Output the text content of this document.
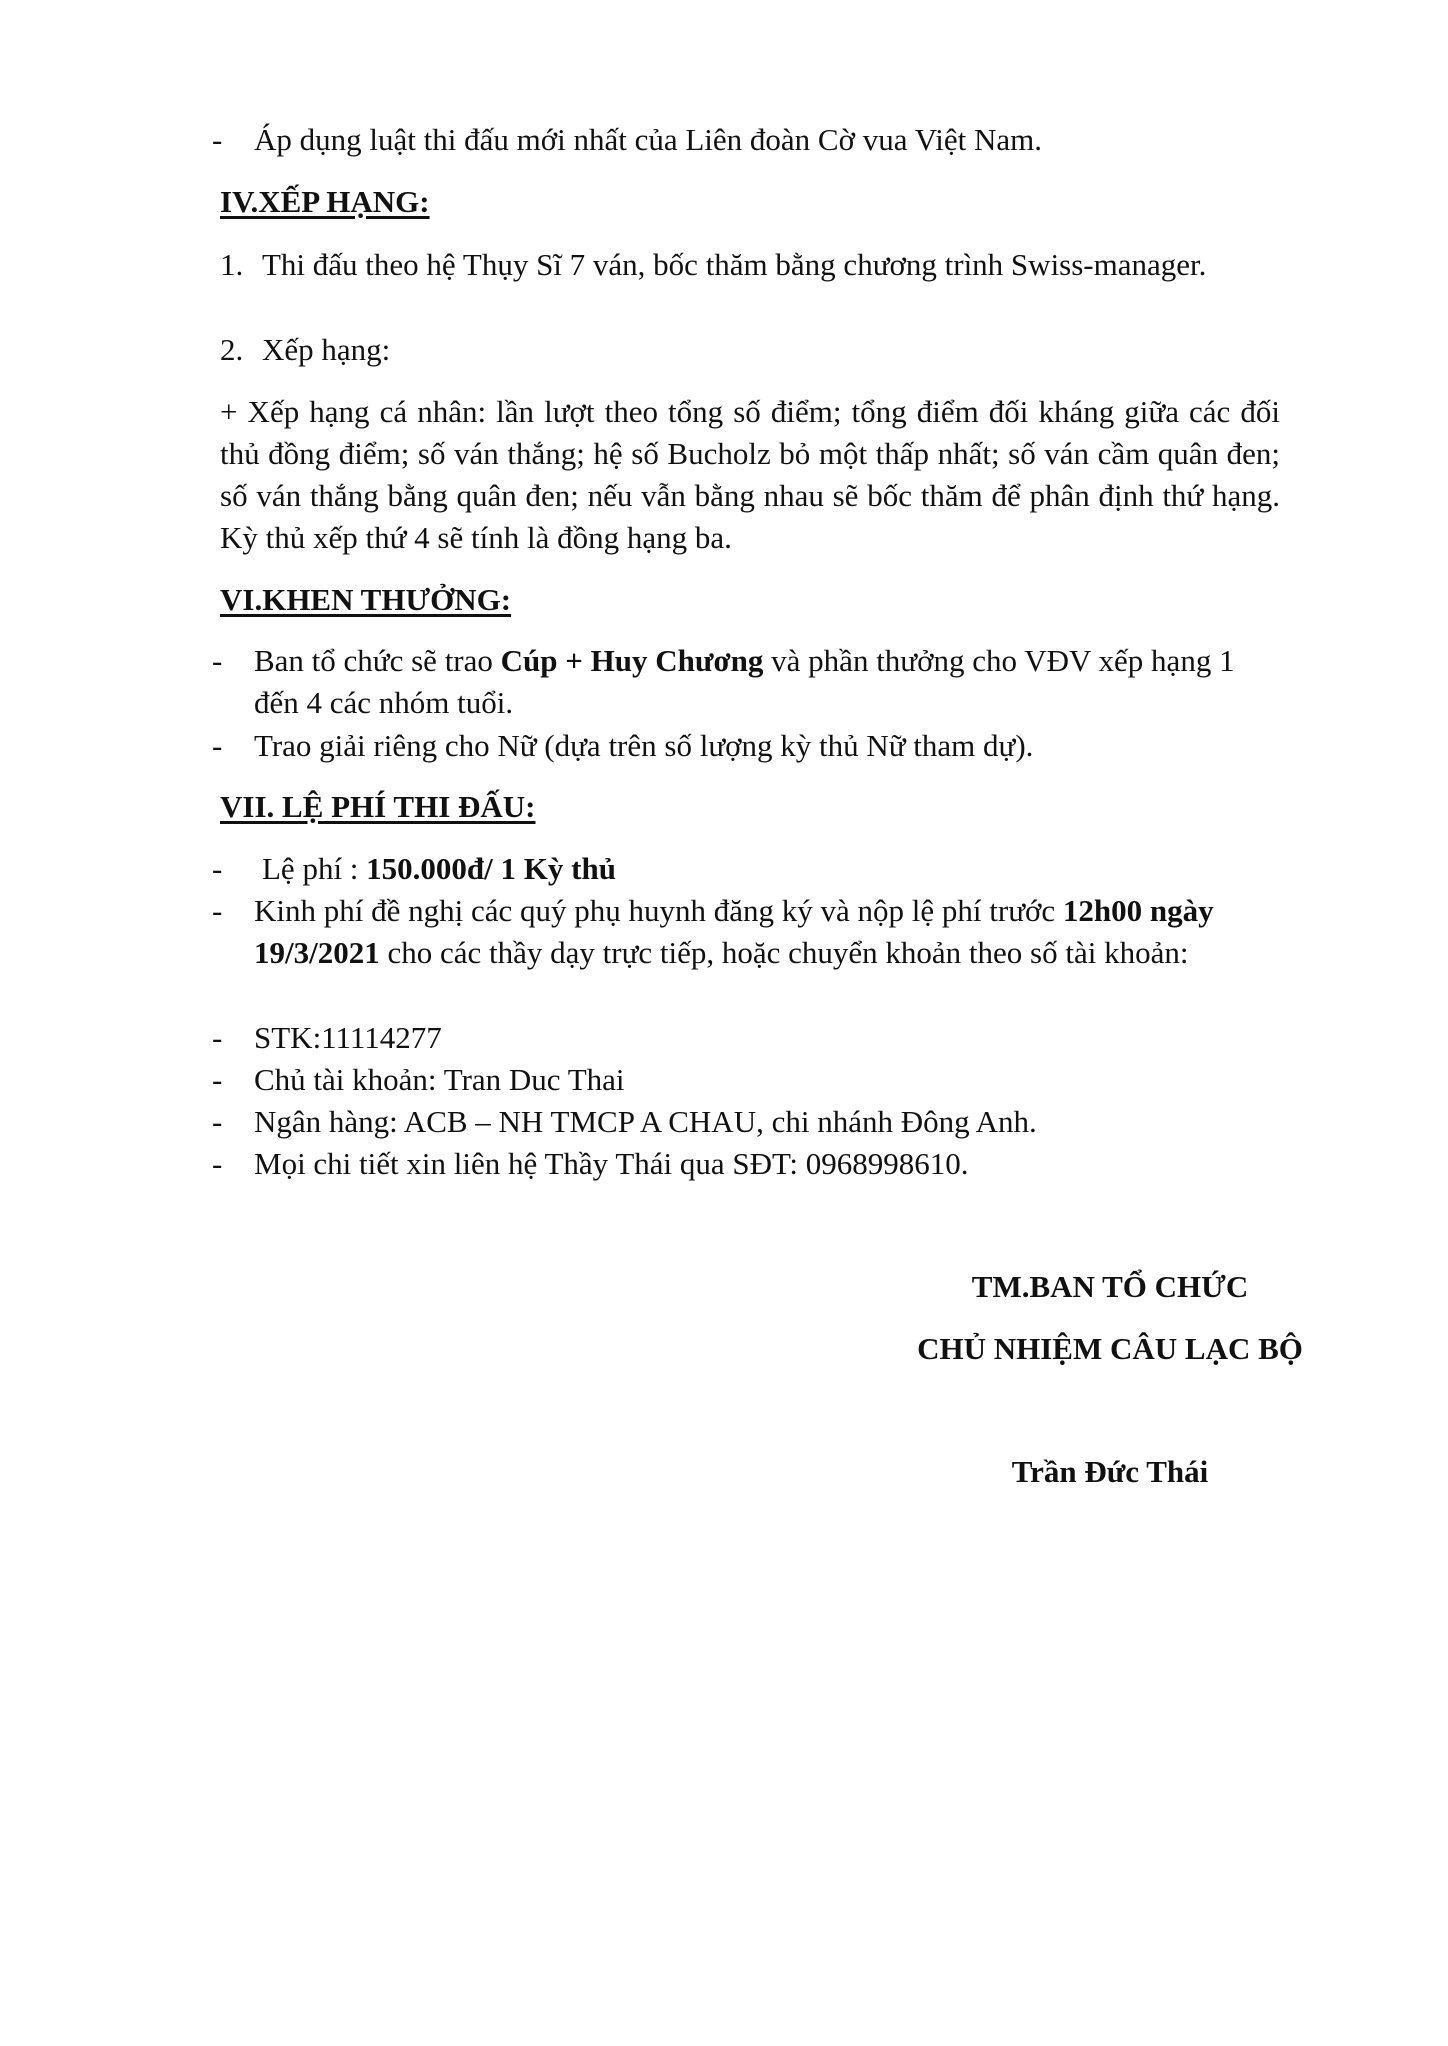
-	Áp dụng luật thi đấu mới nhất của Liên đoàn Cờ vua Việt Nam.
IV.XẾP HẠNG:
1. Thi đấu theo hệ Thụy Sĩ 7 ván, bốc thăm bằng chương trình Swiss-manager.
2. Xếp hạng:
+ Xếp hạng cá nhân: lần lượt theo tổng số điểm; tổng điểm đối kháng giữa các đối thủ đồng điểm; số ván thắng; hệ số Bucholz bỏ một thấp nhất; số ván cầm quân đen; số ván thắng bằng quân đen; nếu vẫn bằng nhau sẽ bốc thăm để phân định thứ hạng. Kỳ thủ xếp thứ 4 sẽ tính là đồng hạng ba.
VI.KHEN THƯỞNG:
-	Ban tổ chức sẽ trao Cúp + Huy Chương và phần thưởng cho VĐV xếp hạng 1 đến 4 các nhóm tuổi.
-	Trao giải riêng cho Nữ (dựa trên số lượng kỳ thủ Nữ tham dự).
VII. LỆ PHÍ THI ĐẤU:
-	Lệ phí : 150.000đ/ 1 Kỳ thủ
-	Kinh phí đề nghị các quý phụ huynh đăng ký và nộp lệ phí trước 12h00 ngày 19/3/2021 cho các thầy dạy trực tiếp, hoặc chuyển khoản theo số tài khoản:
-	STK:11114277
-	Chủ tài khoản: Tran Duc Thai
-	Ngân hàng: ACB – NH TMCP A CHAU, chi nhánh Đông Anh.
-	Mọi chi tiết xin liên hệ Thầy Thái qua SĐT: 0968998610.
TM.BAN TỔ CHỨC
CHỦ NHIỆM CÂU LẠC BỘ
Trần Đức Thái
